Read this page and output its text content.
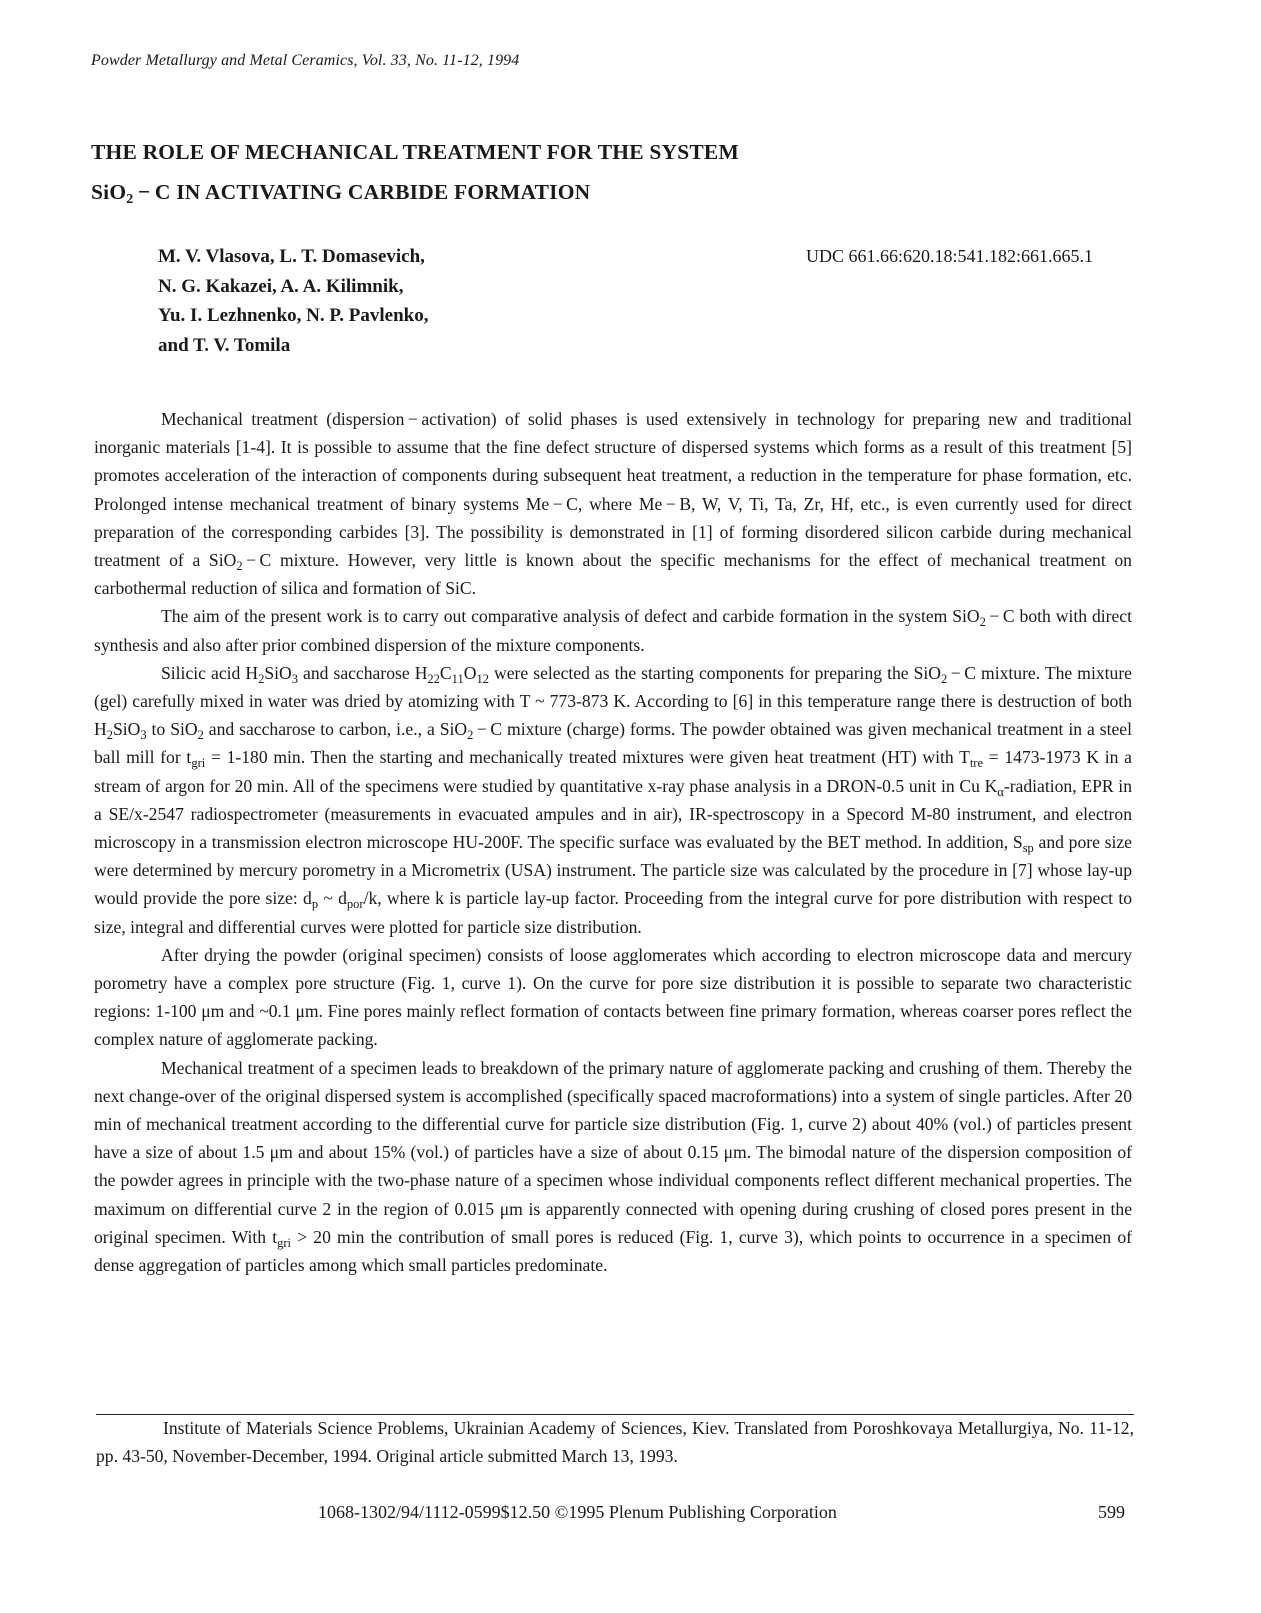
Powder Metallurgy and Metal Ceramics, Vol. 33, No. 11-12, 1994
THE ROLE OF MECHANICAL TREATMENT FOR THE SYSTEM
SiO$_2$ − C IN ACTIVATING CARBIDE FORMATION
M. V. Vlasova, L. T. Domasevich,
N. G. Kakazei, A. A. Kilimnik,
Yu. I. Lezhnenko, N. P. Pavlenko,
and T. V. Tomila
UDC 661.66:620.18:541.182:661.665.1

Mechanical treatment (dispersion − activation) of solid phases is used extensively in technology for preparing new and traditional inorganic materials [1-4]. It is possible to assume that the fine defect structure of dispersed systems which forms as a result of this treatment [5] promotes acceleration of the interaction of components during subsequent heat treatment, a reduction in the temperature for phase formation, etc. Prolonged intense mechanical treatment of binary systems Me − C, where Me − B, W, V, Ti, Ta, Zr, Hf, etc., is even currently used for direct preparation of the corresponding carbides [3]. The possibility is demonstrated in [1] of forming disordered silicon carbide during mechanical treatment of a SiO$_2$ − C mixture. However, very little is known about the specific mechanisms for the effect of mechanical treatment on carbothermal reduction of silica and formation of SiC.

The aim of the present work is to carry out comparative analysis of defect and carbide formation in the system SiO$_2$ − C both with direct synthesis and also after prior combined dispersion of the mixture components.

Silicic acid $H_2SiO_3$ and saccharose $H_{22}C_{11}O_{12}$ were selected as the starting components for preparing the SiO$_2$ − C mixture. The mixture (gel) carefully mixed in water was dried by atomizing with T ~ 773-873 K. According to [6] in this temperature range there is destruction of both $H_2SiO_3$ to SiO$_2$ and saccharose to carbon, i.e., a SiO$_2$ − C mixture (charge) forms. The powder obtained was given mechanical treatment in a steel ball mill for $t_{gri} = 1-180$ min. Then the starting and mechanically treated mixtures were given heat treatment (HT) with $T_{tre} = 1473-1973$ K in a stream of argon for 20 min. All of the specimens were studied by quantitative x-ray phase analysis in a DRON-0.5 unit in Cu $K_\alpha$-radiation, EPR in a SE/x-2547 radiospectrometer (measurements in evacuated ampules and in air), IR-spectroscopy in a Specord M-80 instrument, and electron microscopy in a transmission electron microscope HU-200F. The specific surface was evaluated by the BET method. In addition, $S_{sp}$ and pore size were determined by mercury porometry in a Micrometrix (USA) instrument. The particle size was calculated by the procedure in [7] whose lay-up would provide the pore size: $d_p$ ~ $d_{por}/k$, where k is particle lay-up factor. Proceeding from the integral curve for pore distribution with respect to size, integral and differential curves were plotted for particle size distribution.

After drying the powder (original specimen) consists of loose agglomerates which according to electron microscope data and mercury porometry have a complex pore structure (Fig. 1, curve 1). On the curve for pore size distribution it is possible to separate two characteristic regions: 1-100 μm and ~0.1 μm. Fine pores mainly reflect formation of contacts between fine primary formation, whereas coarser pores reflect the complex nature of agglomerate packing.

Mechanical treatment of a specimen leads to breakdown of the primary nature of agglomerate packing and crushing of them. Thereby the next change-over of the original dispersed system is accomplished (specifically spaced macroformations) into a system of single particles. After 20 min of mechanical treatment according to the differential curve for particle size distribution (Fig. 1, curve 2) about 40% (vol.) of particles present have a size of about 1.5 μm and about 15% (vol.) of particles have a size of about 0.15 μm. The bimodal nature of the dispersion composition of the powder agrees in principle with the two-phase nature of a specimen whose individual components reflect different mechanical properties. The maximum on differential curve 2 in the region of 0.015 μm is apparently connected with opening during crushing of closed pores present in the original specimen. With $t_{gri} > 20$ min the contribution of small pores is reduced (Fig. 1, curve 3), which points to occurrence in a specimen of dense aggregation of particles among which small particles predominate.

Institute of Materials Science Problems, Ukrainian Academy of Sciences, Kiev. Translated from Poroshkovaya Metallurgiya, No. 11-12, pp. 43-50, November-December, 1994. Original article submitted March 13, 1993.

1068-1302/94/1112-0599$12.50 ©1995 Plenum Publishing Corporation	599
